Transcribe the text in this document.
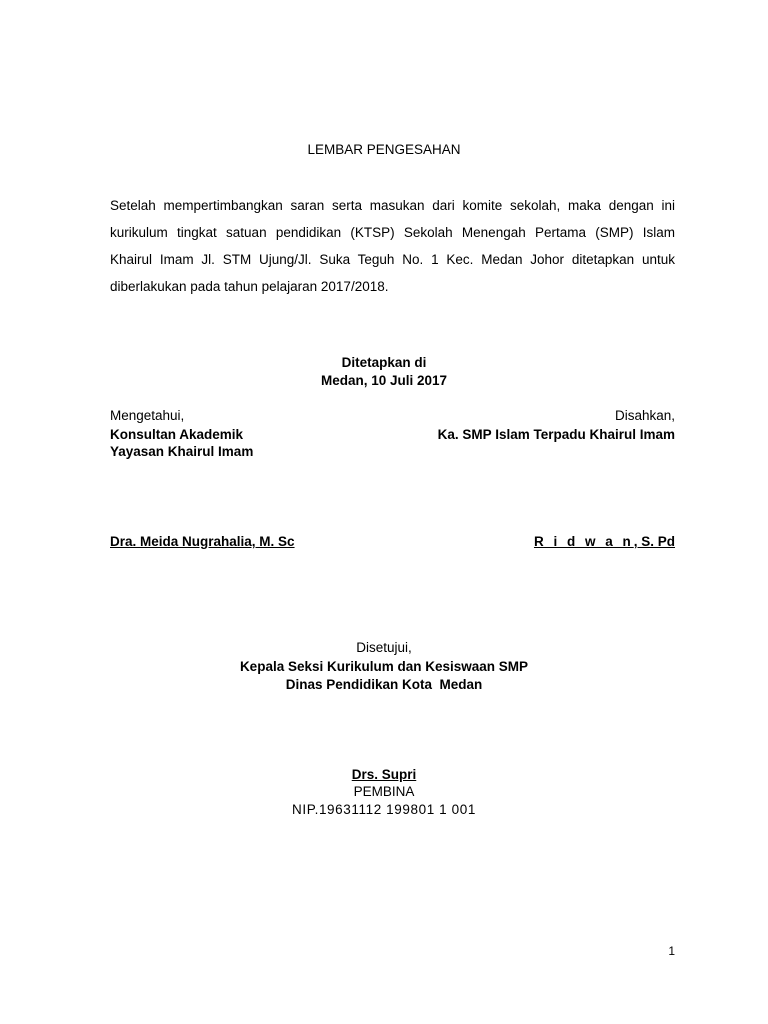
LEMBAR PENGESAHAN
Setelah mempertimbangkan saran serta masukan dari komite sekolah, maka dengan ini
kurikulum tingkat satuan pendidikan (KTSP) Sekolah Menengah Pertama (SMP) Islam
Khairul Imam Jl. STM Ujung/Jl. Suka Teguh No. 1 Kec. Medan Johor ditetapkan untuk
diberlakukan pada tahun pelajaran 2017/2018.
Ditetapkan di
Medan, 10 Juli 2017
Mengetahui,
Konsultan Akademik
Yayasan Khairul Imam
Disahkan,
Ka. SMP Islam Terpadu Khairul Imam
Dra. Meida Nugrahalia, M. Sc	R i d w a n, S. Pd
Disetujui,
Kepala Seksi Kurikulum dan Kesiswaan SMP
Dinas Pendidikan Kota  Medan
Drs. Supri
PEMBINA
NIP.19631112 199801 1 001
1
